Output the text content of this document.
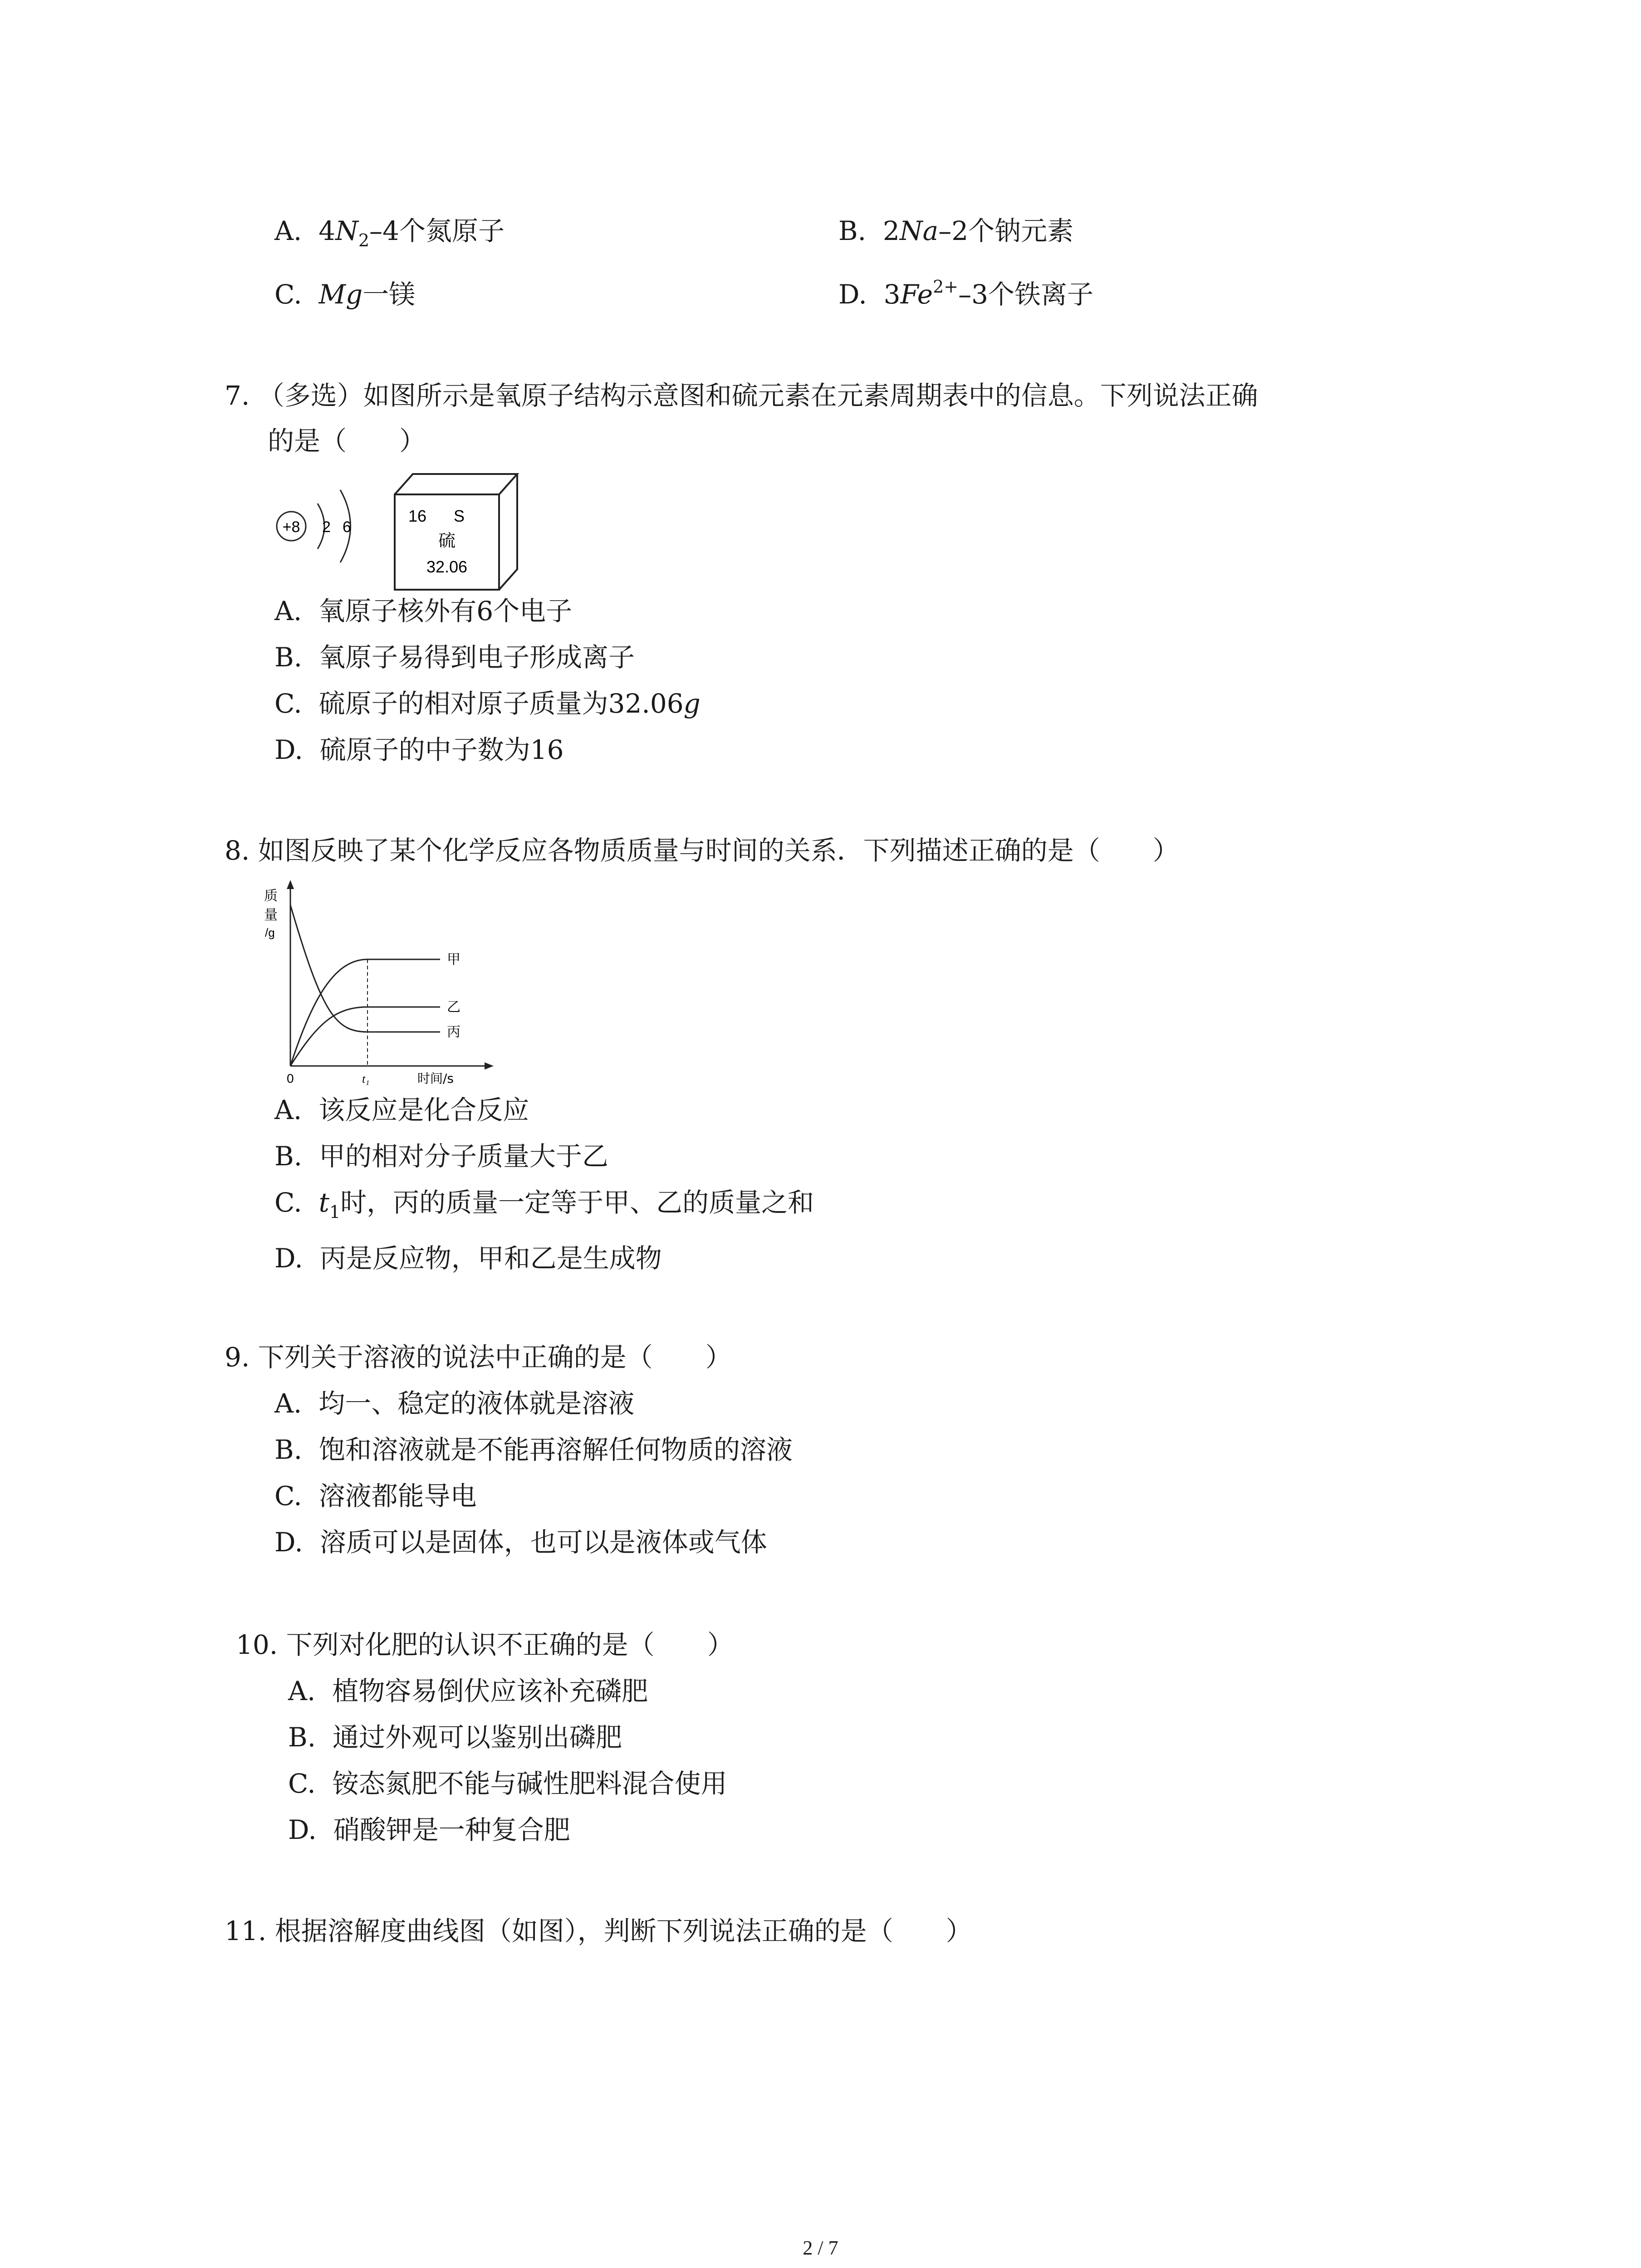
A. $4N_2-4$个氮原子	B. 2Na–2个钠元素
C. Mg一镁	D. $3Fe^{2+}-3$个铁离子
7. （多选）如图所示是氧原子结构示意图和硫元素在元素周期表中的信息。下列说法正确
的是（　　）
+8 2 6
16 S
硫
32.06
A. 氧原子核外有6个电子
B. 氧原子易得到电子形成离子
C. 硫原子的相对原子质量为32.06g
D. 硫原子的中子数为16
8. 如图反映了某个化学反应各物质质量与时间的关系．下列描述正确的是（　　）
质
量
/g
甲
乙
丙
0	t₁	时间/s
A. 该反应是化合反应
B. 甲的相对分子质量大于乙
C. $t_1$时，丙的质量一定等于甲、乙的质量之和
D. 丙是反应物，甲和乙是生成物
9. 下列关于溶液的说法中正确的是（　　）
A. 均一、稳定的液体就是溶液
B. 饱和溶液就是不能再溶解任何物质的溶液
C. 溶液都能导电
D. 溶质可以是固体，也可以是液体或气体
10. 下列对化肥的认识不正确的是（　　）
A. 植物容易倒伏应该补充磷肥
B. 通过外观可以鉴别出磷肥
C. 铵态氮肥不能与碱性肥料混合使用
D. 硝酸钾是一种复合肥
11. 根据溶解度曲线图（如图），判断下列说法正确的是（　　）
2 / 7
